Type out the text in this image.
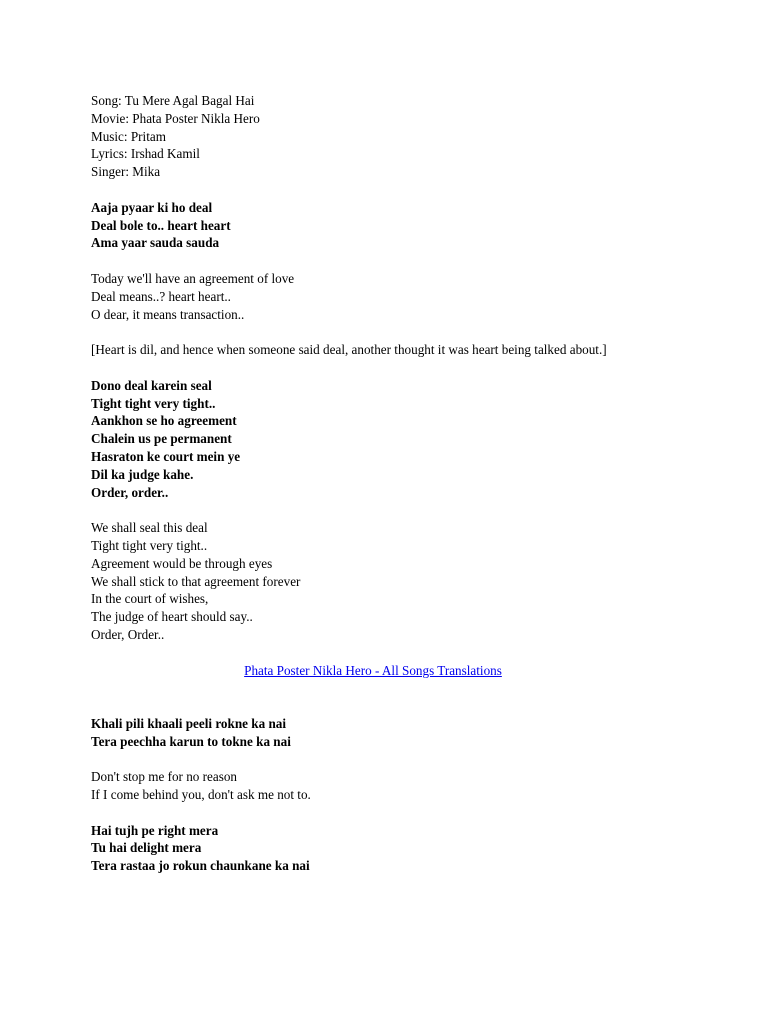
Song: Tu Mere Agal Bagal Hai
Movie: Phata Poster Nikla Hero
Music: Pritam
Lyrics: Irshad Kamil
Singer: Mika
Aaja pyaar ki ho deal
Deal bole to.. heart heart
Ama yaar sauda sauda
Today we'll have an agreement of love
Deal means..? heart heart..
O dear, it means transaction..
[Heart is dil, and hence when someone said deal, another thought it was heart being talked about.]
Dono deal karein seal
Tight tight very tight..
Aankhon se ho agreement
Chalein us pe permanent
Hasraton ke court mein ye
Dil ka judge kahe.
Order, order..
We shall seal this deal
Tight tight very tight..
Agreement would be through eyes
We shall stick to that agreement forever
In the court of wishes,
The judge of heart should say..
Order, Order..
Phata Poster Nikla Hero - All Songs Translations
Khali pili khaali peeli rokne ka nai
Tera peechha karun to tokne ka nai
Don't stop me for no reason
If I come behind you, don't ask me not to.
Hai tujh pe right mera
Tu hai delight mera
Tera rastaa jo rokun chaunkane ka nai
